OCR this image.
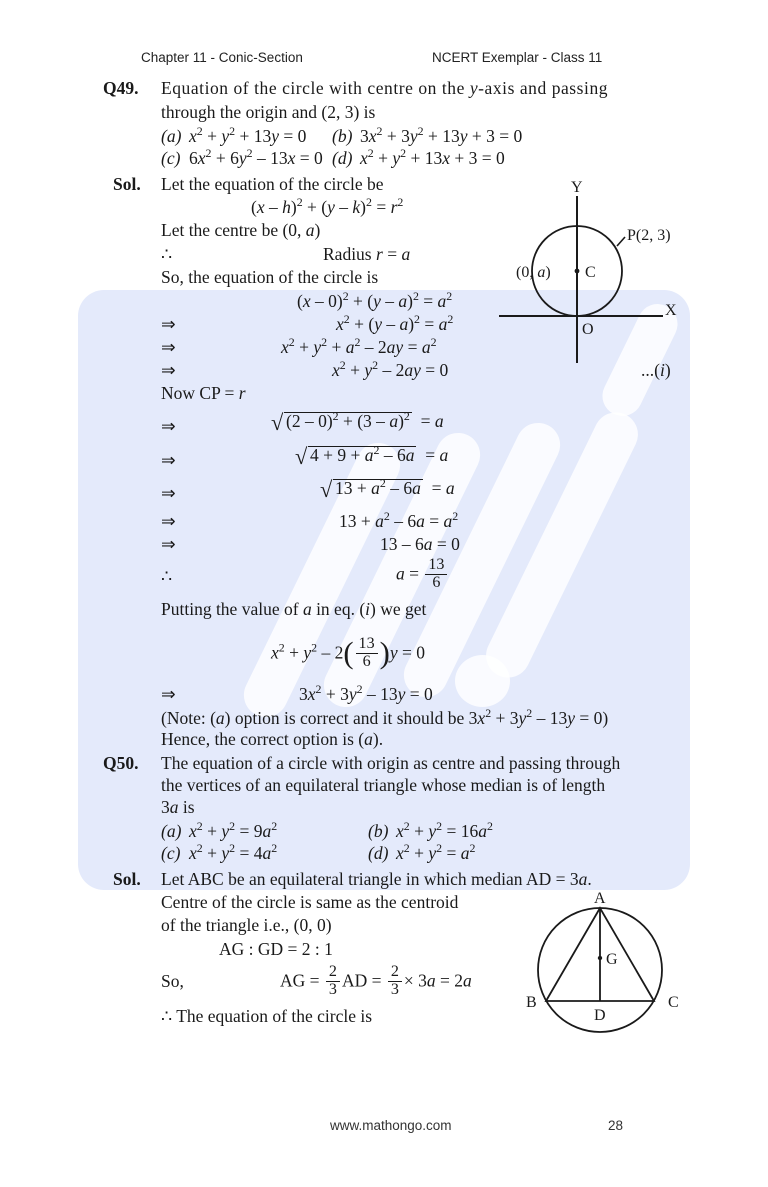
Chapter 11 - Conic-Section	NCERT Exemplar - Class 11
Q49. Equation of the circle with centre on the y-axis and passing
through the origin and (2, 3) is
(a) $x^2 + y^2 + 13y = 0$ (b) $3x^2 + 3y^2 + 13y + 3 = 0$
(c) $6x^2 + 6y^2 - 13x = 0$ (d) $x^2 + y^2 + 13x + 3 = 0$
Sol. Let the equation of the circle be
$(x - h)^2 + (y - k)^2 = r^2$
Let the centre be (0, a)
∴	Radius r = a
So, the equation of the circle is
$(x - 0)^2 + (y - a)^2 = a^2$
⇒	$x^2 + (y - a)^2 = a^2$
⇒	$x^2 + y^2 + a^2 - 2ay = a^2$
⇒	$x^2 + y^2 - 2ay = 0$	...(i)
Now CP = r
⇒	√ (2 – 0)$^2$ + (3 – a)$^2$  = a
⇒	√ $4 + 9 + a^2 - 6a = a$
⇒	√ $13 + a^2 - 6a = a$
⇒	$13 + a^2 - 6a = a^2$
⇒	13 – 6a = 0
∴	$a = \frac{13}{6}$
Putting the value of a in eq. (i) we get
$x^2 + y^2 - 2( \frac{13}{6} )y = 0$
⇒	$3x^2 + 3y^2 - 13y = 0$
(Note: (a) option is correct and it should be $3x^2 + 3y^2 - 13y = 0$)
Hence, the correct option is (a).
Q50. The equation of a circle with origin as centre and passing through
the vertices of an equilateral triangle whose median is of length
3a is
(a) $x^2 + y^2 = 9a^2$	(b) $x^2 + y^2 = 16a^2$
(c) $x^2 + y^2 = 4a^2$	(d) $x^2 + y^2 = a^2$
Sol. Let ABC be an equilateral triangle in which median AD = 3a.
Centre of the circle is same as the centroid
of the triangle i.e., (0, 0)
AG : GD = 2 : 1
So,	AG = $\frac{2}{3}$ AD = $\frac{2}{3} \times 3a = 2a$
∴ The equation of the circle is
www.mathongo.com	28
Y
X
O
C
(0, a)
P(2, 3)
A
B	C
D
G
